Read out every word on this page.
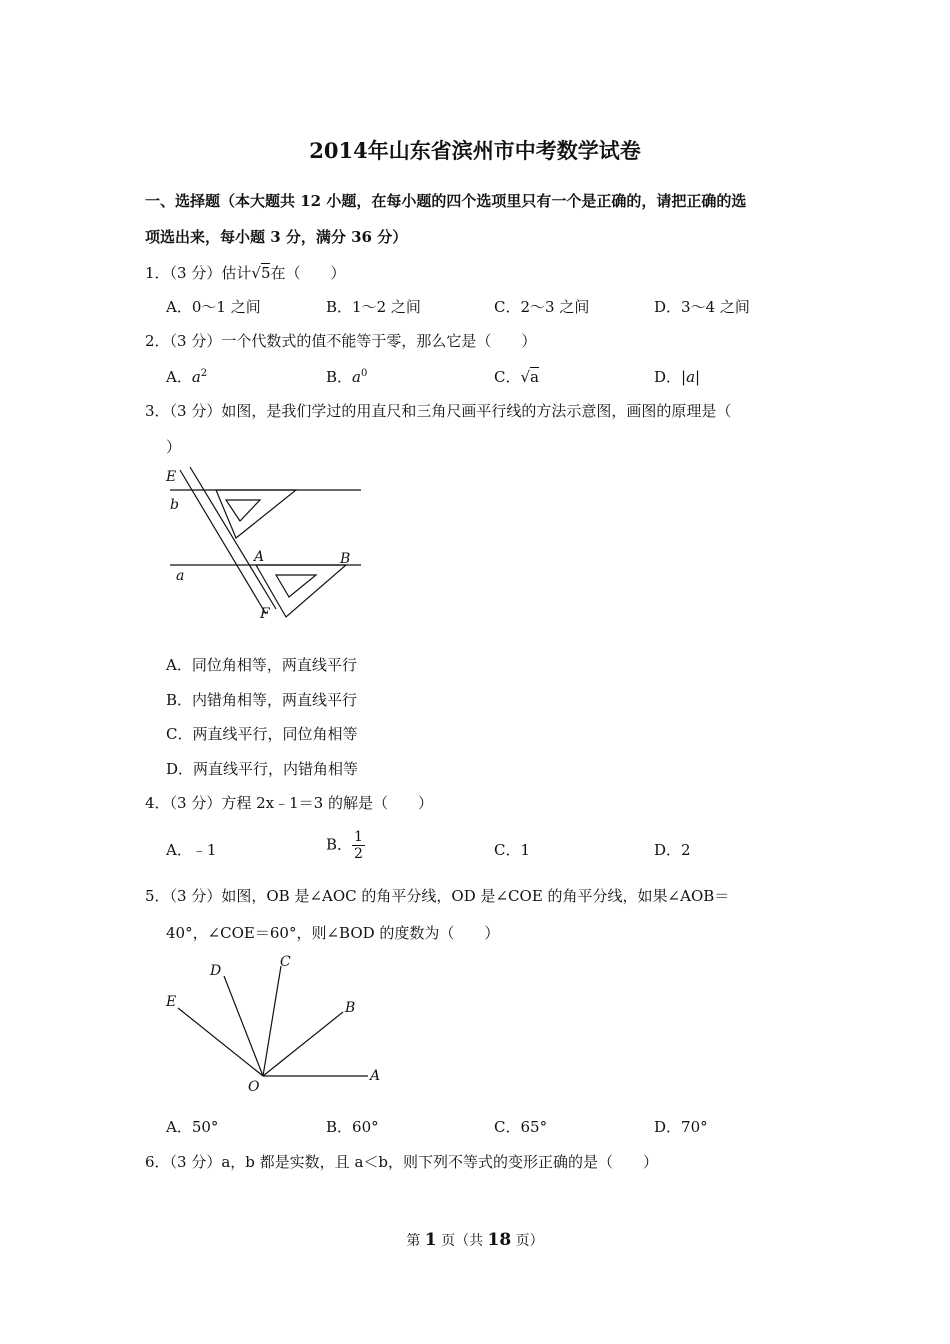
2014年山东省滨州市中考数学试卷
一、选择题（本大题共 12 小题，在每小题的四个选项里只有一个是正确的，请把正确的选
项选出来，每小题 3 分，满分 36 分）
1．（3 分）估计√5在（　　）
A．0～1 之间	B．1～2 之间	C．2～3 之间	D．3～4 之间
2．（3 分）一个代数式的值不能等于零，那么它是（　　）
A．$a^2$	B．$a^0$	C．√a	D．|a|
3．（3 分）如图，是我们学过的用直尺和三角尺画平行线的方法示意图，画图的原理是（
）
E
b
A	B
a
F
A．同位角相等，两直线平行
B．内错角相等，两直线平行
C．两直线平行，同位角相等
D．两直线平行，内错角相等
4．（3 分）方程 2x﹣1＝3 的解是（　　）
A．﹣1	B． $\frac{1}{2}$	C．1	D．2
5．（3 分）如图，OB 是∠AOC 的角平分线，OD 是∠COE 的角平分线，如果∠AOB＝
40°，∠COE＝60°，则∠BOD 的度数为（　　）
D
C
E	B
O
A
A．50°	B．60°	C．65°	D．70°
6．（3 分）a，b 都是实数，且 a＜b，则下列不等式的变形正确的是（　　）
第 1 页（共 18 页）
